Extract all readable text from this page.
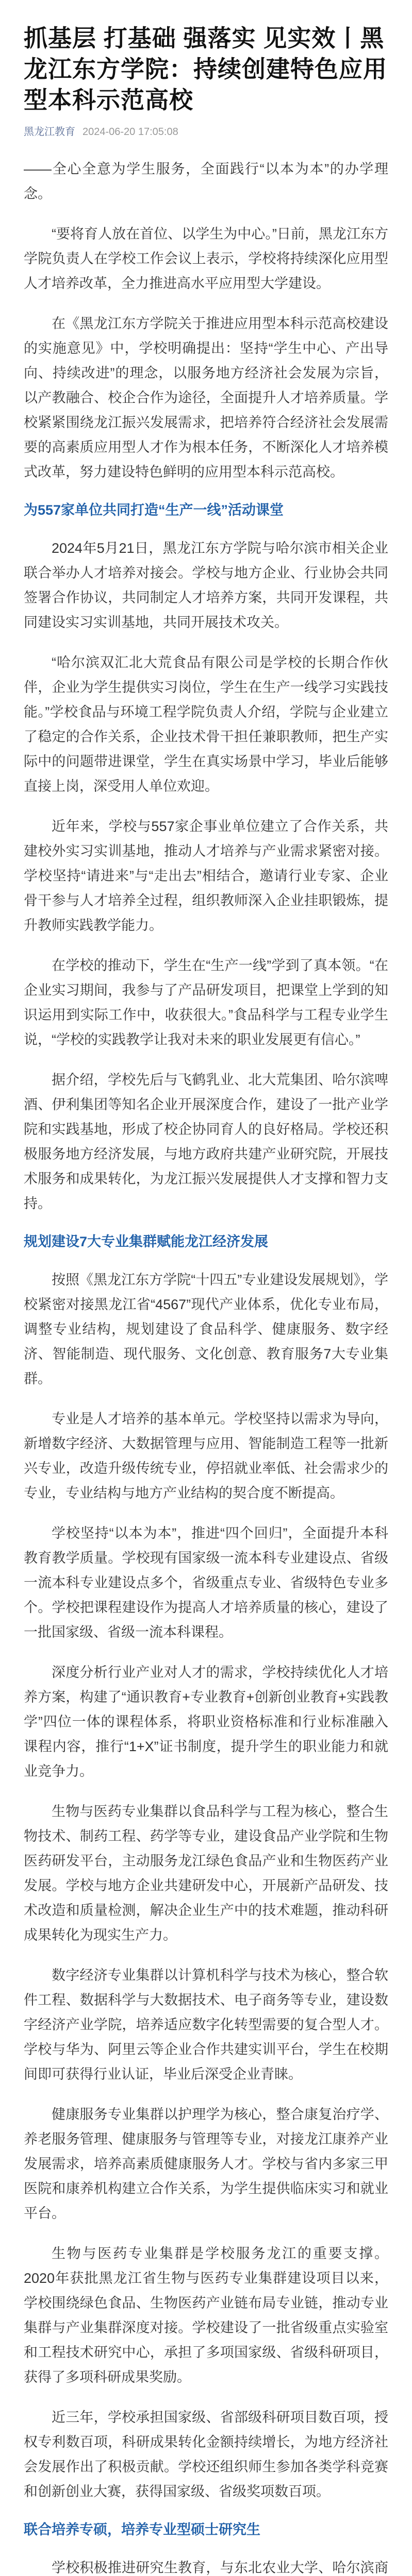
抓基层 打基础 强落实 见实效丨黑龙江东方学院：持续创建特色应用型本科示范高校
黑龙江教育 2024-06-20 17:05:08

——全心全意为学生服务，全面践行“以本为本”的办学理念。

“要将育人放在首位、以学生为中心。”日前，黑龙江东方学院负责人在学校工作会议上表示，学校将持续深化应用型人才培养改革，全力推进高水平应用型大学建设。

在《黑龙江东方学院关于推进应用型本科示范高校建设的实施意见》中，学校明确提出：坚持“学生中心、产出导向、持续改进”的理念，以服务地方经济社会发展为宗旨，以产教融合、校企合作为途径，全面提升人才培养质量。学校紧紧围绕龙江振兴发展需求，把培养符合经济社会发展需要的高素质应用型人才作为根本任务，不断深化人才培养模式改革，努力建设特色鲜明的应用型本科示范高校。

为557家单位共同打造“生产一线”活动课堂

2024年5月21日，黑龙江东方学院与哈尔滨市相关企业联合举办人才培养对接会。学校与地方企业、行业协会共同签署合作协议，共同制定人才培养方案，共同开发课程，共同建设实习实训基地，共同开展技术攻关。

“哈尔滨双汇北大荒食品有限公司是学校的长期合作伙伴，企业为学生提供实习岗位，学生在生产一线学习实践技能。”学校食品与环境工程学院负责人介绍，学院与企业建立了稳定的合作关系，企业技术骨干担任兼职教师，把生产实际中的问题带进课堂，学生在真实场景中学习，毕业后能够直接上岗，深受用人单位欢迎。

近年来，学校与557家企事业单位建立了合作关系，共建校外实习实训基地，推动人才培养与产业需求紧密对接。学校坚持“请进来”与“走出去”相结合，邀请行业专家、企业骨干参与人才培养全过程，组织教师深入企业挂职锻炼，提升教师实践教学能力。

在学校的推动下，学生在“生产一线”学到了真本领。“在企业实习期间，我参与了产品研发项目，把课堂上学到的知识运用到实际工作中，收获很大。”食品科学与工程专业学生说，“学校的实践教学让我对未来的职业发展更有信心。”

据介绍，学校先后与飞鹤乳业、北大荒集团、哈尔滨啤酒、伊利集团等知名企业开展深度合作，建设了一批产业学院和实践基地，形成了校企协同育人的良好格局。学校还积极服务地方经济发展，与地方政府共建产业研究院，开展技术服务和成果转化，为龙江振兴发展提供人才支撑和智力支持。

规划建设7大专业集群赋能龙江经济发展

按照《黑龙江东方学院“十四五”专业建设发展规划》，学校紧密对接黑龙江省“4567”现代产业体系，优化专业布局，调整专业结构，规划建设了食品科学、健康服务、数字经济、智能制造、现代服务、文化创意、教育服务7大专业集群。

专业是人才培养的基本单元。学校坚持以需求为导向，新增数字经济、大数据管理与应用、智能制造工程等一批新兴专业，改造升级传统专业，停招就业率低、社会需求少的专业，专业结构与地方产业结构的契合度不断提高。

学校坚持“以本为本”，推进“四个回归”，全面提升本科教育教学质量。学校现有国家级一流本科专业建设点、省级一流本科专业建设点多个，省级重点专业、省级特色专业多个。学校把课程建设作为提高人才培养质量的核心，建设了一批国家级、省级一流本科课程。

深度分析行业产业对人才的需求，学校持续优化人才培养方案，构建了“通识教育+专业教育+创新创业教育+实践教学”四位一体的课程体系，将职业资格标准和行业标准融入课程内容，推行“1+X”证书制度，提升学生的职业能力和就业竞争力。

生物与医药专业集群以食品科学与工程为核心，整合生物技术、制药工程、药学等专业，建设食品产业学院和生物医药研发平台，主动服务龙江绿色食品产业和生物医药产业发展。学校与地方企业共建研发中心，开展新产品研发、技术改造和质量检测，解决企业生产中的技术难题，推动科研成果转化为现实生产力。

数字经济专业集群以计算机科学与技术为核心，整合软件工程、数据科学与大数据技术、电子商务等专业，建设数字经济产业学院，培养适应数字化转型需要的复合型人才。学校与华为、阿里云等企业合作共建实训平台，学生在校期间即可获得行业认证，毕业后深受企业青睐。

健康服务专业集群以护理学为核心，整合康复治疗学、养老服务管理、健康服务与管理等专业，对接龙江康养产业发展需求，培养高素质健康服务人才。学校与省内多家三甲医院和康养机构建立合作关系，为学生提供临床实习和就业平台。

生物与医药专业集群是学校服务龙江的重要支撑。2020年获批黑龙江省生物与医药专业集群建设项目以来，学校围绕绿色食品、生物医药产业链布局专业链，推动专业集群与产业集群深度对接。学校建设了一批省级重点实验室和工程技术研究中心，承担了多项国家级、省级科研项目，获得了多项科研成果奖励。

近三年，学校承担国家级、省部级科研项目数百项，授权专利数百项，科研成果转化金额持续增长，为地方经济社会发展作出了积极贡献。学校还组织师生参加各类学科竞赛和创新创业大赛，获得国家级、省级奖项数百项。

联合培养专硕，培养专业型硕士研究生

学校积极推进研究生教育，与东北农业大学、哈尔滨商
